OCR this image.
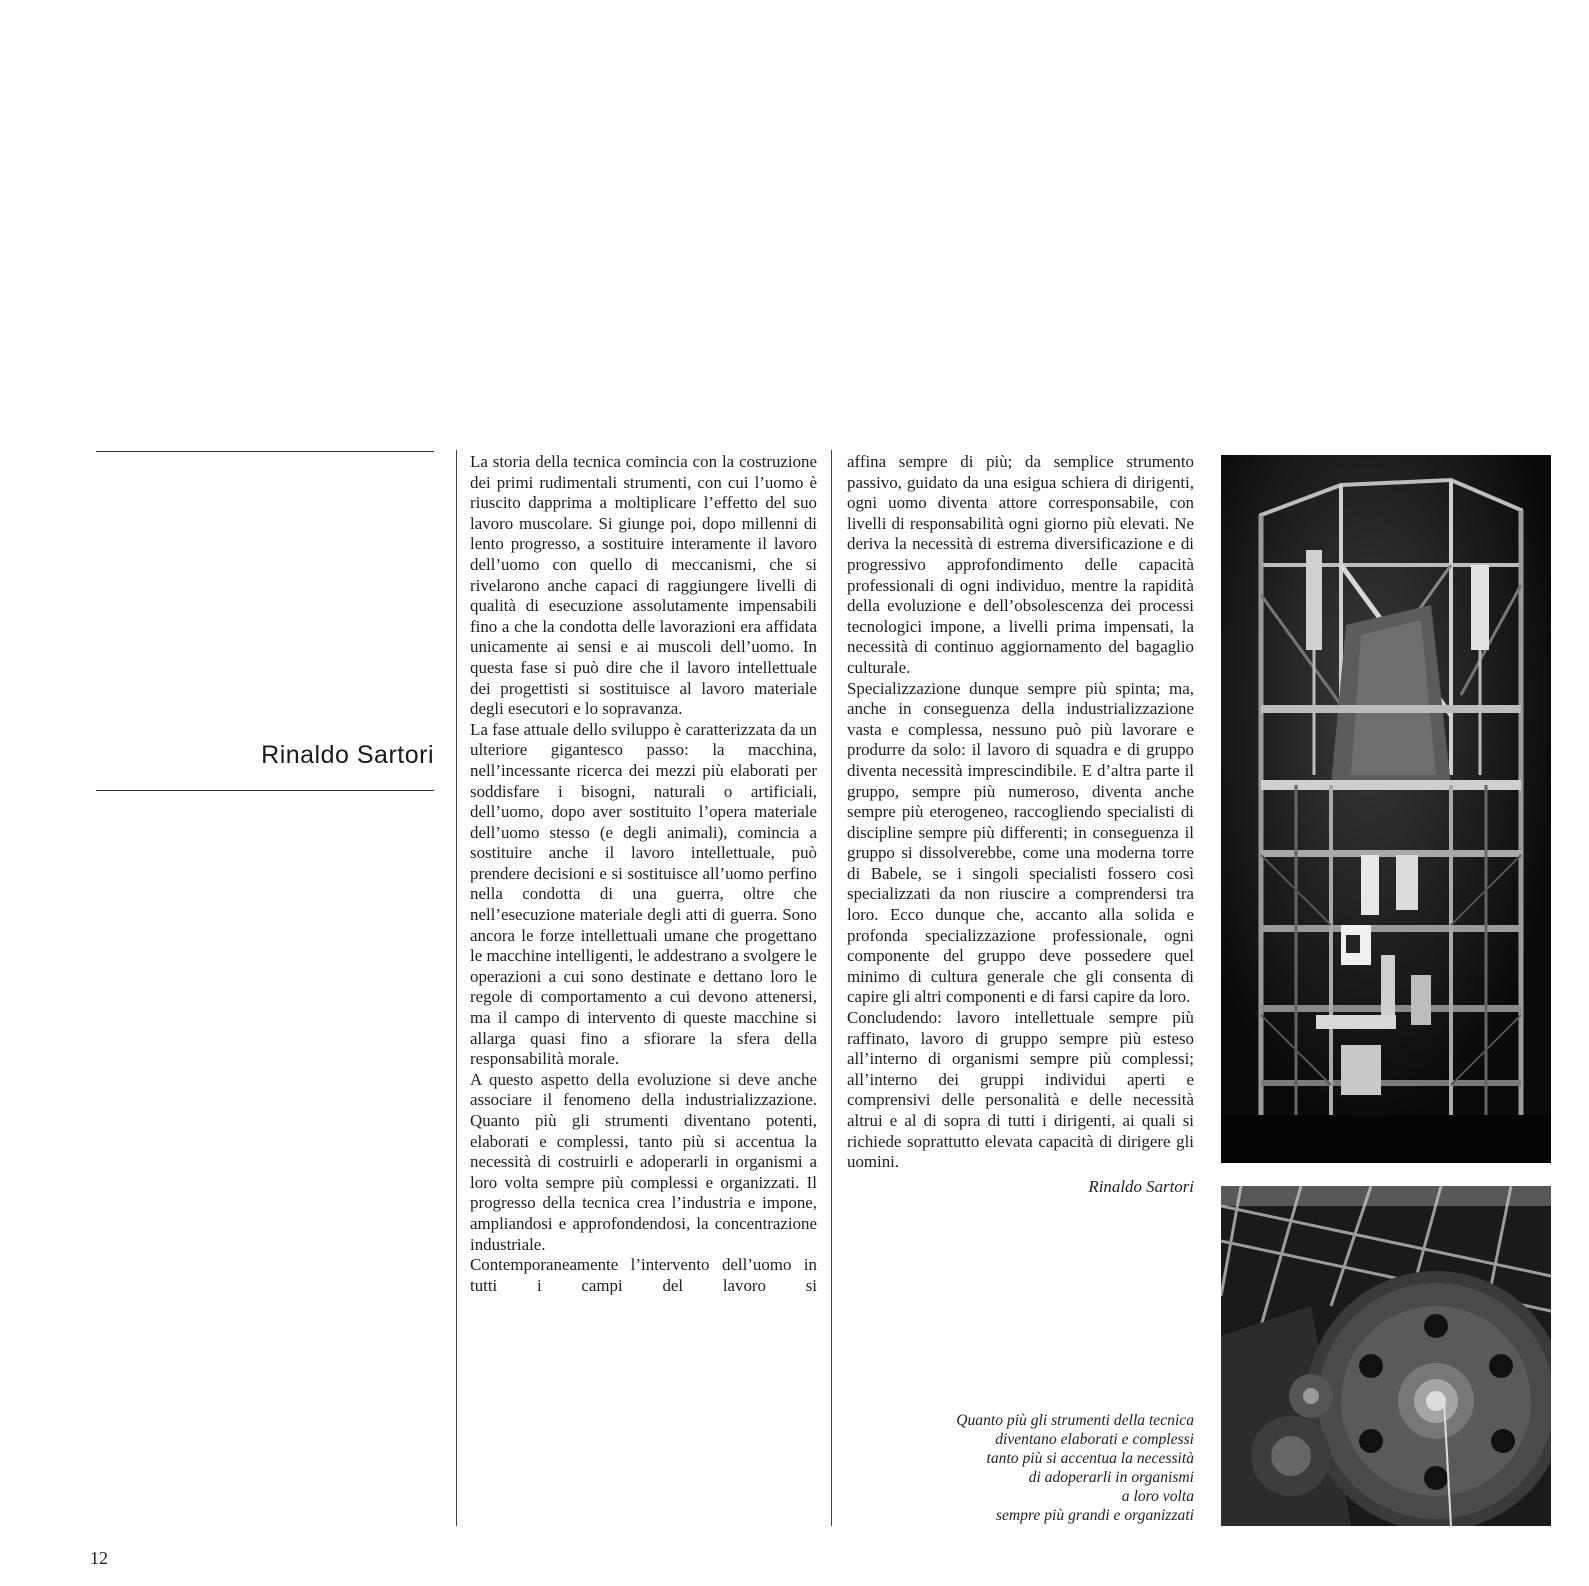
Rinaldo Sartori

La storia della tecnica comincia con la costruzione dei primi rudimentali strumenti, con cui l’uomo è riuscito dapprima a moltiplicare l’effetto del suo lavoro muscolare. Si giunge poi, dopo millenni di lento progresso, a sostituire interamente il lavoro dell’uomo con quello di meccanismi, che si rivelarono anche capaci di raggiungere livelli di qualità di esecuzione assolutamente impensabili fino a che la condotta delle lavorazioni era affidata unicamente ai sensi e ai muscoli dell’uomo. In questa fase si può dire che il lavoro intellettuale dei progettisti si sostituisce al lavoro materiale degli esecutori e lo sopravanza.

La fase attuale dello sviluppo è caratterizzata da un ulteriore gigantesco passo: la macchina, nell’incessante ricerca dei mezzi più elaborati per soddisfare i bisogni, naturali o artificiali, dell’uomo, dopo aver sostituito l’opera materiale dell’uomo stesso (e degli animali), comincia a sostituire anche il lavoro intellettuale, può prendere decisioni e si sostituisce all’uomo perfino nella condotta di una guerra, oltre che nell’esecuzione materiale degli atti di guerra. Sono ancora le forze intellettuali umane che progettano le macchine intelligenti, le addestrano a svolgere le operazioni a cui sono destinate e dettano loro le regole di comportamento a cui devono attenersi, ma il campo di intervento di queste macchine si allarga quasi fino a sfiorare la sfera della responsabilità morale.

A questo aspetto della evoluzione si deve anche associare il fenomeno della industrializzazione. Quanto più gli strumenti diventano potenti, elaborati e complessi, tanto più si accentua la necessità di costruirli e adoperarli in organismi a loro volta sempre più complessi e organizzati. Il progresso della tecnica crea l’industria e impone, ampliandosi e approfondendosi, la concentrazione industriale.

Contemporaneamente l’intervento dell’uomo in tutti i campi del lavoro si

affina sempre di più; da semplice strumento passivo, guidato da una esigua schiera di dirigenti, ogni uomo diventa attore corresponsabile, con livelli di responsabilità ogni giorno più elevati. Ne deriva la necessità di estrema diversificazione e di progressivo approfondimento delle capacità professionali di ogni individuo, mentre la rapidità della evoluzione e dell’obsolescenza dei processi tecnologici impone, a livelli prima impensati, la necessità di continuo aggiornamento del bagaglio culturale.

Specializzazione dunque sempre più spinta; ma, anche in conseguenza della industrializzazione vasta e complessa, nessuno può più lavorare e produrre da solo: il lavoro di squadra e di gruppo diventa necessità imprescindibile. E d’altra parte il gruppo, sempre più numeroso, diventa anche sempre più eterogeneo, raccogliendo specialisti di discipline sempre più differenti; in conseguenza il gruppo si dissolverebbe, come una moderna torre di Babele, se i singoli specialisti fossero così specializzati da non riuscire a comprendersi tra loro. Ecco dunque che, accanto alla solida e profonda specializzazione professionale, ogni componente del gruppo deve possedere quel minimo di cultura generale che gli consenta di capire gli altri componenti e di farsi capire da loro.

Concludendo: lavoro intellettuale sempre più raffinato, lavoro di gruppo sempre più esteso all’interno di organismi sempre più complessi; all’interno dei gruppi individui aperti e comprensivi delle personalità e delle necessità altrui e al di sopra di tutti i dirigenti, ai quali si richiede soprattutto elevata capacità di dirigere gli uomini.

Rinaldo Sartori

Quanto più gli strumenti della tecnica
diventano elaborati e complessi
tanto più si accentua la necessità
di adoperarli in organismi
a loro volta
sempre più grandi e organizzati
12
